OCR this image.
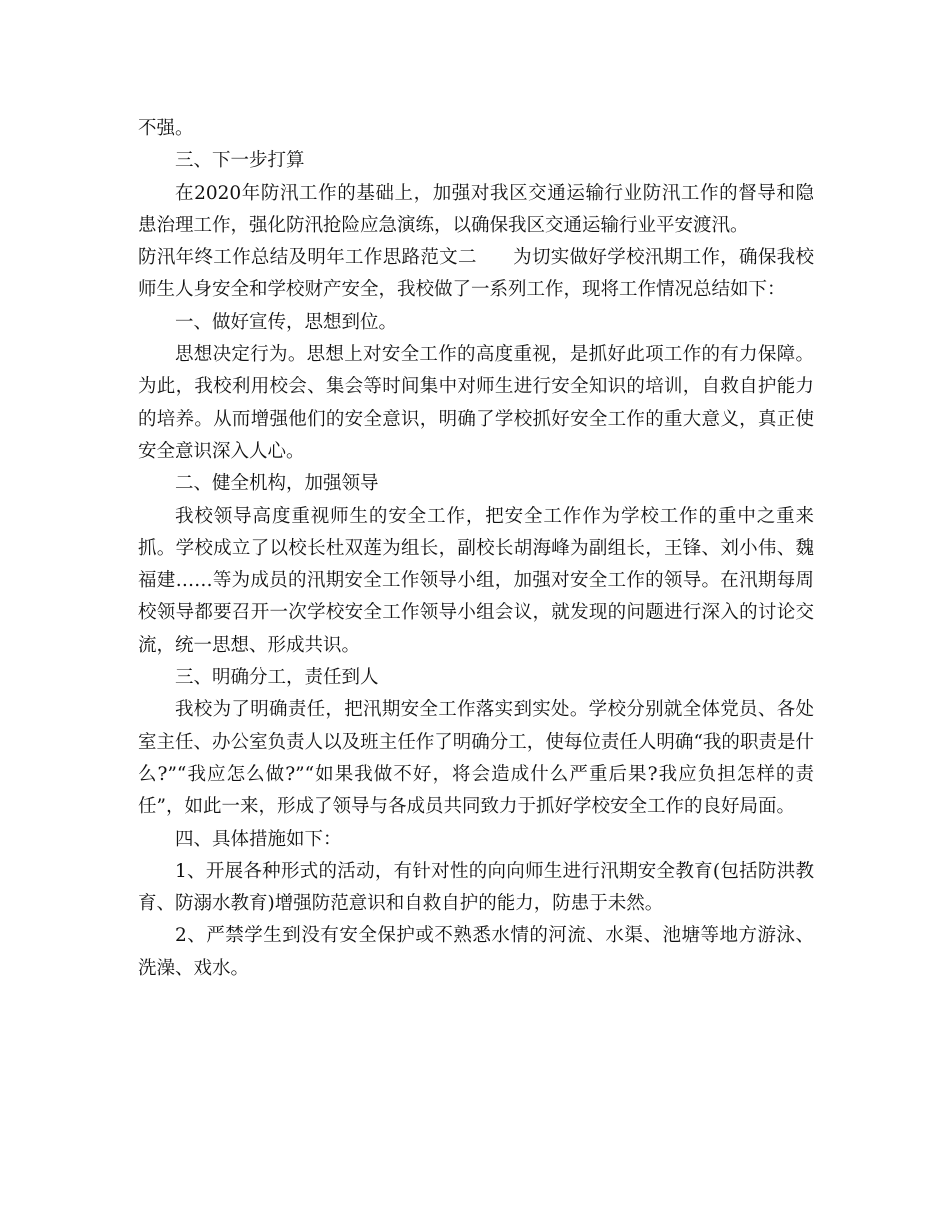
不强。

三、下一步打算

在2020年防汛工作的基础上，加强对我区交通运输行业防汛工作的督导和隐患治理工作，强化防汛抢险应急演练，以确保我区交通运输行业平安渡汛。

防汛年终工作总结及明年工作思路范文二 为切实做好学校汛期工作，确保我校师生人身安全和学校财产安全，我校做了一系列工作，现将工作情况总结如下：

一、做好宣传，思想到位。

思想决定行为。思想上对安全工作的高度重视，是抓好此项工作的有力保障。为此，我校利用校会、集会等时间集中对师生进行安全知识的培训，自救自护能力的培养。从而增强他们的安全意识，明确了学校抓好安全工作的重大意义，真正使安全意识深入人心。

二、健全机构，加强领导

我校领导高度重视师生的安全工作，把安全工作作为学校工作的重中之重来抓。学校成立了以校长杜双莲为组长，副校长胡海峰为副组长，王锋、刘小伟、魏福建……等为成员的汛期安全工作领导小组，加强对安全工作的领导。在汛期每周校领导都要召开一次学校安全工作领导小组会议，就发现的问题进行深入的讨论交流，统一思想、形成共识。

三、明确分工，责任到人

我校为了明确责任，把汛期安全工作落实到实处。学校分别就全体党员、各处室主任、办公室负责人以及班主任作了明确分工，使每位责任人明确“我的职责是什么?”“我应怎么做?”“如果我做不好，将会造成什么严重后果?我应负担怎样的责任”，如此一来，形成了领导与各成员共同致力于抓好学校安全工作的良好局面。

四、具体措施如下：

1、开展各种形式的活动，有针对性的向向师生进行汛期安全教育(包括防洪教育、防溺水教育)增强防范意识和自救自护的能力，防患于未然。

2、严禁学生到没有安全保护或不熟悉水情的河流、水渠、池塘等地方游泳、洗澡、戏水。
